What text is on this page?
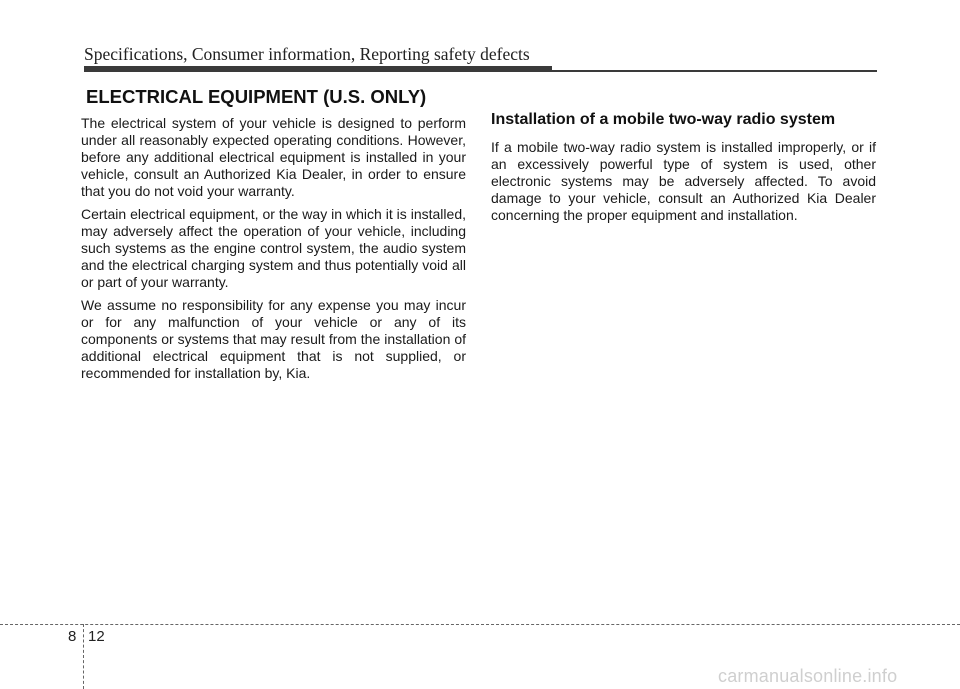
Specifications, Consumer information, Reporting safety defects
ELECTRICAL EQUIPMENT (U.S. ONLY)

The electrical system of your vehicle is designed to perform under all reasonably expected operating conditions. However, before any additional electrical equipment is installed in your vehicle, consult an Authorized Kia Dealer, in order to ensure that you do not void your warranty.

Certain electrical equipment, or the way in which it is installed, may adversely affect the operation of your vehicle, including such systems as the engine control system, the audio system and the electrical charging system and thus potentially void all or part of your warranty.

We assume no responsibility for any expense you may incur or for any malfunction of your vehicle or any of its components or systems that may result from the installation of additional electrical equipment that is not supplied, or recommended for installation by, Kia.

Installation of a mobile two-way radio system

If a mobile two-way radio system is installed improperly, or if an excessively powerful type of system is used, other electronic systems may be adversely affected. To avoid damage to your vehicle, consult an Authorized Kia Dealer concerning the proper equipment and installation.

8 12
carmanualsonline.info
